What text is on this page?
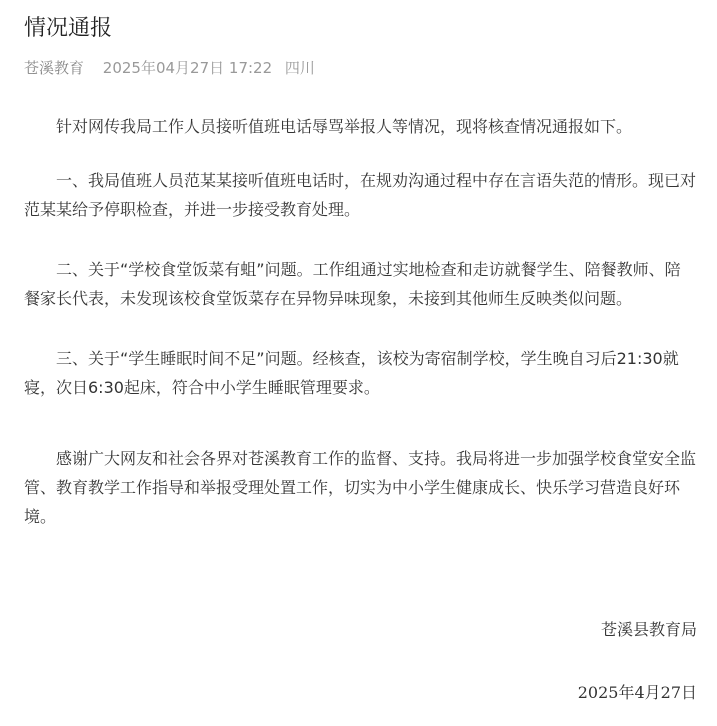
情况通报
苍溪教育 2025年04月27日 17:22 四川

针对网传我局工作人员接听值班电话辱骂举报人等情况，现将核查情况通报如下。

一、我局值班人员范某某接听值班电话时，在规劝沟通过程中存在言语失范的情形。现已对范某某给予停职检查，并进一步接受教育处理。

二、关于“学校食堂饭菜有蛆”问题。工作组通过实地检查和走访就餐学生、陪餐教师、陪餐家长代表，未发现该校食堂饭菜存在异物异味现象，未接到其他师生反映类似问题。

三、关于“学生睡眠时间不足”问题。经核查，该校为寄宿制学校，学生晚自习后21:30就寝，次日6:30起床，符合中小学生睡眠管理要求。

感谢广大网友和社会各界对苍溪教育工作的监督、支持。我局将进一步加强学校食堂安全监管、教育教学工作指导和举报受理处置工作，切实为中小学生健康成长、快乐学习营造良好环境。

苍溪县教育局
2025年4月27日
